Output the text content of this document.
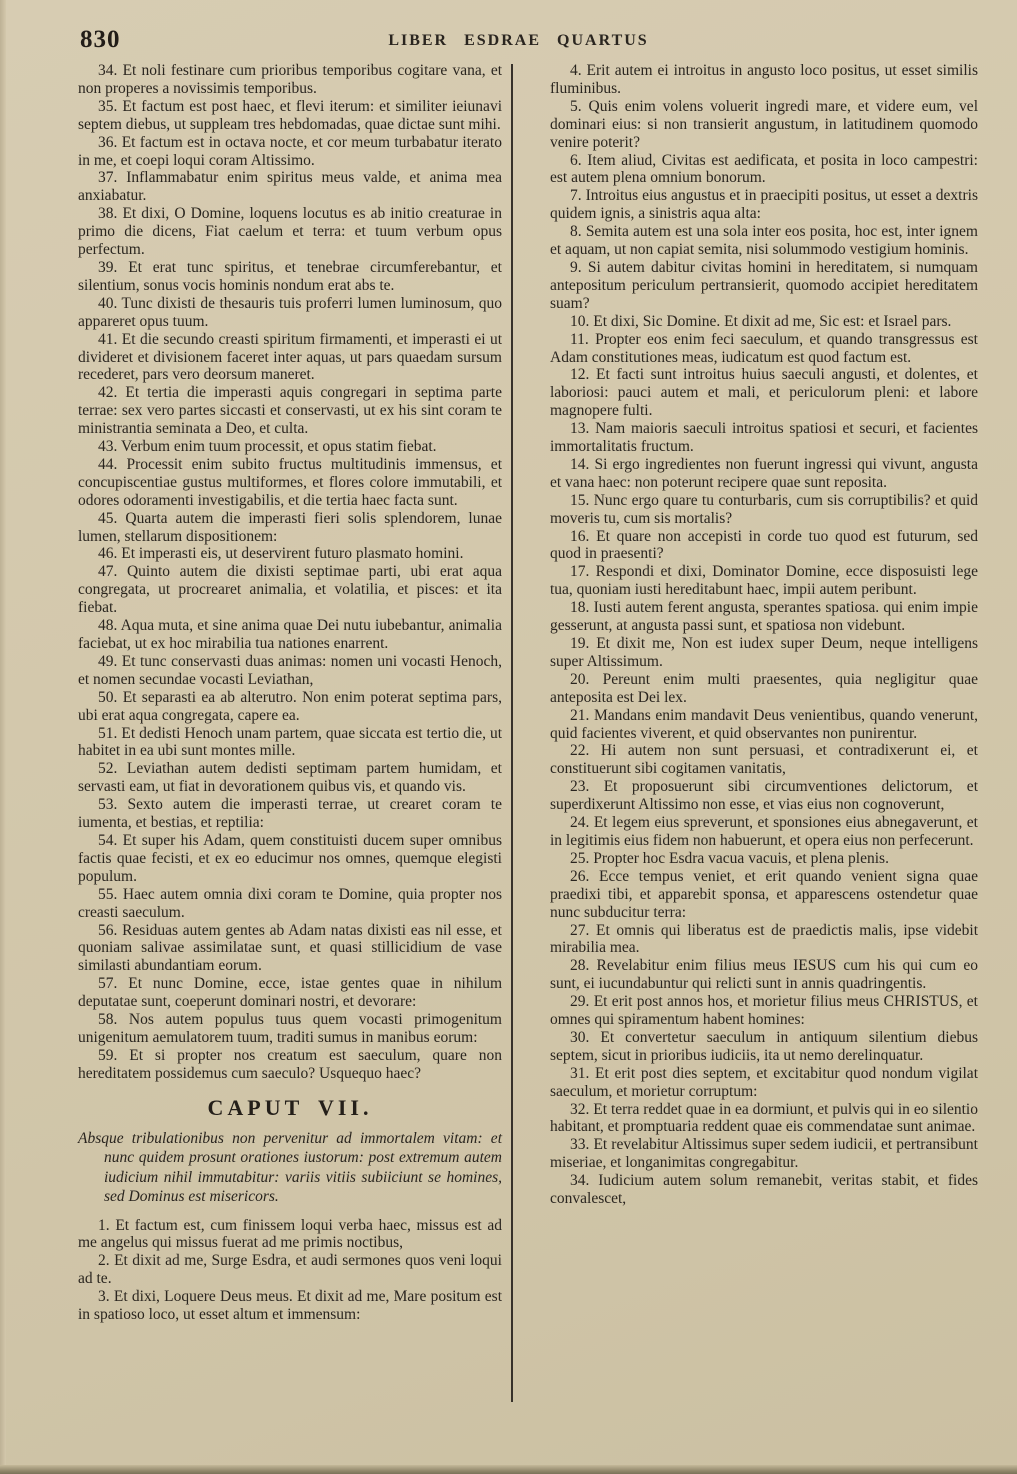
830	LIBER ESDRAE QUARTUS

34. Et noli festinare cum prioribus temporibus cogitare vana, et non properes a novissimis temporibus.

35. Et factum est post haec, et flevi iterum: et similiter ieiunavi septem diebus, ut suppleam tres hebdomadas, quae dictae sunt mihi.

36. Et factum est in octava nocte, et cor meum turbabatur iterato in me, et coepi loqui coram Altissimo.

37. Inflammabatur enim spiritus meus valde, et anima mea anxiabatur.

38. Et dixi, O Domine, loquens locutus es ab initio creaturae in primo die dicens, Fiat caelum et terra: et tuum verbum opus perfectum.

39. Et erat tunc spiritus, et tenebrae circumferebantur, et silentium, sonus vocis hominis nondum erat abs te.

40. Tunc dixisti de thesauris tuis proferri lumen luminosum, quo appareret opus tuum.

41. Et die secundo creasti spiritum firmamenti, et imperasti ei ut divideret et divisionem faceret inter aquas, ut pars quaedam sursum recederet, pars vero deorsum maneret.

42. Et tertia die imperasti aquis congregari in septima parte terrae: sex vero partes siccasti et conservasti, ut ex his sint coram te ministrantia seminata a Deo, et culta.

43. Verbum enim tuum processit, et opus statim fiebat.

44. Processit enim subito fructus multitudinis immensus, et concupiscentiae gustus multiformes, et flores colore immutabili, et odores odoramenti investigabilis, et die tertia haec facta sunt.

45. Quarta autem die imperasti fieri solis splendorem, lunae lumen, stellarum dispositionem:

46. Et imperasti eis, ut deservirent futuro plasmato homini.

47. Quinto autem die dixisti septimae parti, ubi erat aqua congregata, ut procrearet animalia, et volatilia, et pisces: et ita fiebat.

48. Aqua muta, et sine anima quae Dei nutu iubebantur, animalia faciebat, ut ex hoc mirabilia tua nationes enarrent.

49. Et tunc conservasti duas animas: nomen uni vocasti Henoch, et nomen secundae vocasti Leviathan,

50. Et separasti ea ab alterutro. Non enim poterat septima pars, ubi erat aqua congregata, capere ea.

51. Et dedisti Henoch unam partem, quae siccata est tertio die, ut habitet in ea ubi sunt montes mille.

52. Leviathan autem dedisti septimam partem humidam, et servasti eam, ut fiat in devorationem quibus vis, et quando vis.

53. Sexto autem die imperasti terrae, ut crearet coram te iumenta, et bestias, et reptilia:

54. Et super his Adam, quem constituisti ducem super omnibus factis quae fecisti, et ex eo educimur nos omnes, quemque elegisti populum.

55. Haec autem omnia dixi coram te Domine, quia propter nos creasti saeculum.

56. Residuas autem gentes ab Adam natas dixisti eas nil esse, et quoniam salivae assimilatae sunt, et quasi stillicidium de vase similasti abundantiam eorum.

57. Et nunc Domine, ecce, istae gentes quae in nihilum deputatae sunt, coeperunt dominari nostri, et devorare:

58. Nos autem populus tuus quem vocasti primogenitum unigenitum aemulatorem tuum, traditi sumus in manibus eorum:

59. Et si propter nos creatum est saeculum, quare non hereditatem possidemus cum saeculo? Usquequo haec?

CAPUT VII.

Absque tribulationibus non pervenitur ad immortalem vitam: et nunc quidem prosunt orationes iustorum: post extremum autem iudicium nihil immutabitur: variis vitiis subiiciunt se homines, sed Dominus est misericors.

1. Et factum est, cum finissem loqui verba haec, missus est ad me angelus qui missus fuerat ad me primis noctibus,

2. Et dixit ad me, Surge Esdra, et audi sermones quos veni loqui ad te.

3. Et dixi, Loquere Deus meus. Et dixit ad me, Mare positum est in spatioso loco, ut esset altum et immensum:

4. Erit autem ei introitus in angusto loco positus, ut esset similis fluminibus.

5. Quis enim volens voluerit ingredi mare, et videre eum, vel dominari eius: si non transierit angustum, in latitudinem quomodo venire poterit?

6. Item aliud, Civitas est aedificata, et posita in loco campestri: est autem plena omnium bonorum.

7. Introitus eius angustus et in praecipiti positus, ut esset a dextris quidem ignis, a sinistris aqua alta:

8. Semita autem est una sola inter eos posita, hoc est, inter ignem et aquam, ut non capiat semita, nisi solummodo vestigium hominis.

9. Si autem dabitur civitas homini in hereditatem, si numquam antepositum periculum pertransierit, quomodo accipiet hereditatem suam?

10. Et dixi, Sic Domine. Et dixit ad me, Sic est: et Israel pars.

11. Propter eos enim feci saeculum, et quando transgressus est Adam constitutiones meas, iudicatum est quod factum est.

12. Et facti sunt introitus huius saeculi angusti, et dolentes, et laboriosi: pauci autem et mali, et periculorum pleni: et labore magnopere fulti.

13. Nam maioris saeculi introitus spatiosi et securi, et facientes immortalitatis fructum.

14. Si ergo ingredientes non fuerunt ingressi qui vivunt, angusta et vana haec: non poterunt recipere quae sunt reposita.

15. Nunc ergo quare tu conturbaris, cum sis corruptibilis? et quid moveris tu, cum sis mortalis?

16. Et quare non accepisti in corde tuo quod est futurum, sed quod in praesenti?

17. Respondi et dixi, Dominator Domine, ecce disposuisti lege tua, quoniam iusti hereditabunt haec, impii autem peribunt.

18. Iusti autem ferent angusta, sperantes spatiosa. qui enim impie gesserunt, at angusta passi sunt, et spatiosa non videbunt.

19. Et dixit me, Non est iudex super Deum, neque intelligens super Altissimum.

20. Pereunt enim multi praesentes, quia negligitur quae anteposita est Dei lex.

21. Mandans enim mandavit Deus venientibus, quando venerunt, quid facientes viverent, et quid observantes non punirentur.

22. Hi autem non sunt persuasi, et contradixerunt ei, et constituerunt sibi cogitamen vanitatis,

23. Et proposuerunt sibi circumventiones delictorum, et superdixerunt Altissimo non esse, et vias eius non cognoverunt,

24. Et legem eius spreverunt, et sponsiones eius abnegaverunt, et in legitimis eius fidem non habuerunt, et opera eius non perfecerunt.

25. Propter hoc Esdra vacua vacuis, et plena plenis.

26. Ecce tempus veniet, et erit quando venient signa quae praedixi tibi, et apparebit sponsa, et apparescens ostendetur quae nunc subducitur terra:

27. Et omnis qui liberatus est de praedictis malis, ipse videbit mirabilia mea.

28. Revelabitur enim filius meus IESUS cum his qui cum eo sunt, ei iucundabuntur qui relicti sunt in annis quadringentis.

29. Et erit post annos hos, et morietur filius meus CHRISTUS, et omnes qui spiramentum habent homines:

30. Et convertetur saeculum in antiquum silentium diebus septem, sicut in prioribus iudiciis, ita ut nemo derelinquatur.

31. Et erit post dies septem, et excitabitur quod nondum vigilat saeculum, et morietur corruptum:

32. Et terra reddet quae in ea dormiunt, et pulvis qui in eo silentio habitant, et promptuaria reddent quae eis commendatae sunt animae.

33. Et revelabitur Altissimus super sedem iudicii, et pertransibunt miseriae, et longanimitas congregabitur.

34. Iudicium autem solum remanebit, veritas stabit, et fides convalescet,
